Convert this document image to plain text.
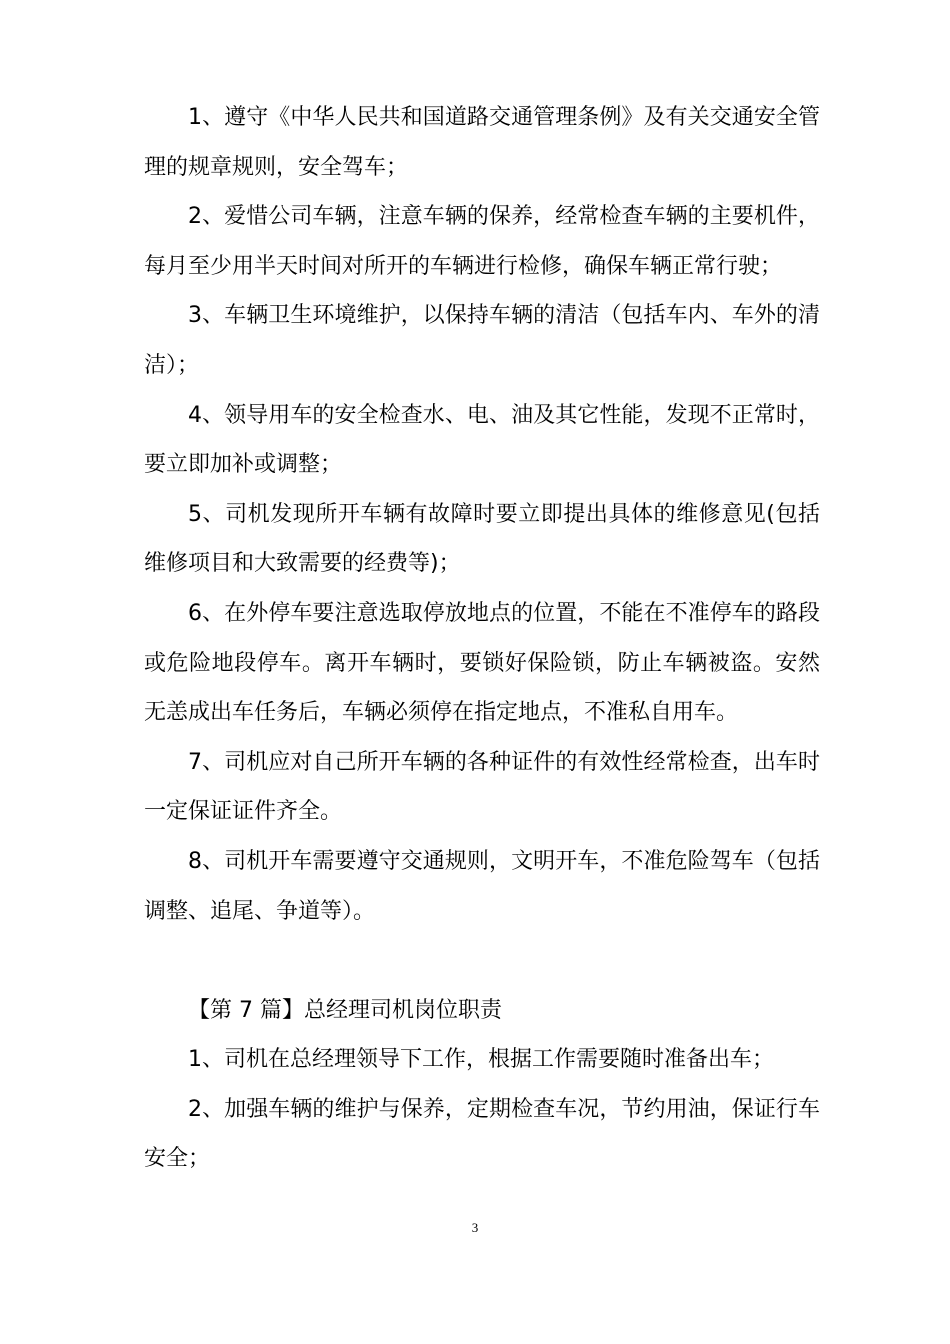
1、遵守《中华人民共和国道路交通管理条例》及有关交通安全管理的规章规则，安全驾车；

2、爱惜公司车辆，注意车辆的保养，经常检查车辆的主要机件，每月至少用半天时间对所开的车辆进行检修，确保车辆正常行驶；

3、车辆卫生环境维护，以保持车辆的清洁（包括车内、车外的清洁）；

4、领导用车的安全检查水、电、油及其它性能，发现不正常时，要立即加补或调整；

5、司机发现所开车辆有故障时要立即提出具体的维修意见(包括维修项目和大致需要的经费等)；

6、在外停车要注意选取停放地点的位置，不能在不准停车的路段或危险地段停车。离开车辆时，要锁好保险锁，防止车辆被盗。安然无恙成出车任务后，车辆必须停在指定地点，不准私自用车。

7、司机应对自己所开车辆的各种证件的有效性经常检查，出车时一定保证证件齐全。

8、司机开车需要遵守交通规则，文明开车，不准危险驾车（包括调整、追尾、争道等）。

【第 7 篇】总经理司机岗位职责

1、司机在总经理领导下工作，根据工作需要随时准备出车；

2、加强车辆的维护与保养，定期检查车况，节约用油，保证行车安全；

3
